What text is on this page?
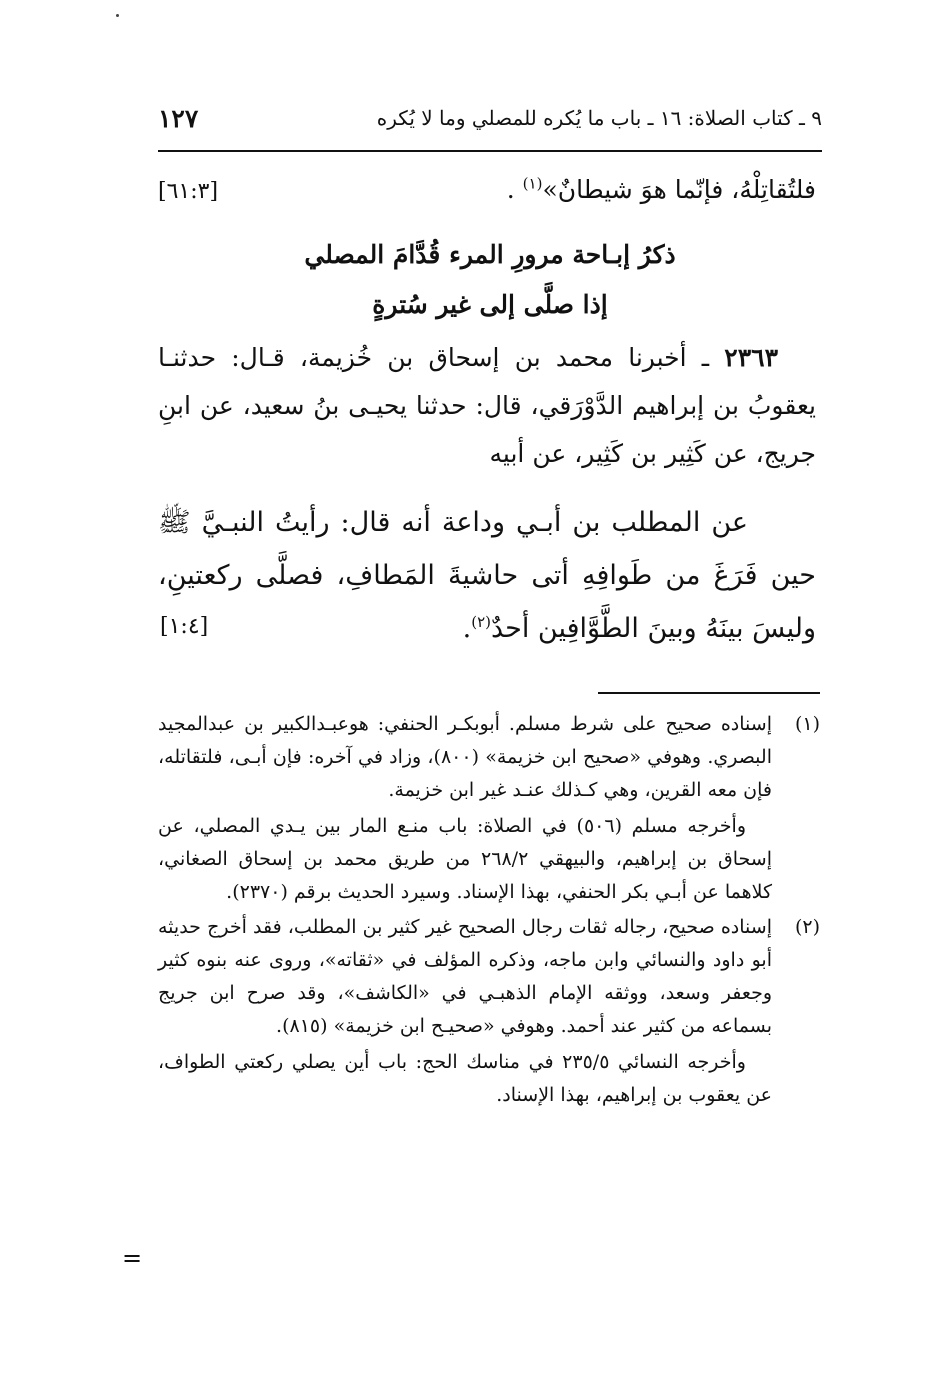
٩ ـ كتاب الصلاة: ١٦ ـ باب ما يُكره للمصلي وما لا يُكره
١٢٧
فلتُقاتِلْهُ، فإنّما هوَ شيطانٌ»$^{(١)}$ .
[٦١:٣]
ذكرُ إبـاحة مرورِ المرء قُدَّامَ المصلي
إذا صلَّى إلى غير سُترةٍ
٢٣٦٣ ـ أخبرنا محمد بن إسحاق بن خُزيمة، قـال: حدثنـا يعقوبُ بن إبراهيم الدَّوْرَقي، قال: حدثنا يحيـى بنُ سعيد، عن ابنِ جريج، عن كَثِير بن كَثِير، عن أبيه
عن المطلب بن أبـي وداعة أنه قال: رأيتُ النبـيَّ ﷺ حين فَرَغَ من طَوافِهِ أتى حاشيةَ المَطافِ، فصلَّى ركعتينِ، وليسَ بينَهُ وبينَ الطَّوَّافِين أحدٌ$^{(٢)}$.
[١:٤]
(١)
إسناده صحيح على شرط مسلم. أبوبكـر الحنفي: هوعبـدالكبير بن عبدالمجيد البصري. وهوفي «صحيح ابن خزيمة» (٨٠٠)، وزاد في آخره: فإن أبـى، فلتقاتله، فإن معه القرين، وهي كـذلك عنـد غير ابن خزيمة.
وأخرجه مسلم (٥٠٦) في الصلاة: باب منـع المار بين يـدي المصلي، عن إسحاق بن إبراهيم، والبيهقي ٢٦٨/٢ من طريق محمد بن إسحاق الصغاني، كلاهما عن أبـي بكر الحنفي، بهذا الإسناد. وسيرد الحديث برقم (٢٣٧٠).
(٢)
إسناده صحيح، رجاله ثقات رجال الصحيح غير كثير بن المطلب، فقد أخرج حديثه أبو داود والنسائي وابن ماجه، وذكره المؤلف في «ثقاته»، وروى عنه بنوه كثير وجعفر وسعد، ووثقه الإمام الذهبـي في «الكاشف»، وقد صرح ابن جريج بسماعه من كثير عند أحمد. وهوفي «صحيـح ابن خزيمة» (٨١٥).
وأخرجه النسائي ٢٣٥/٥ في مناسك الحج: باب أين يصلي ركعتي الطواف، عن يعقوب بن إبراهيم، بهذا الإسناد.
=
